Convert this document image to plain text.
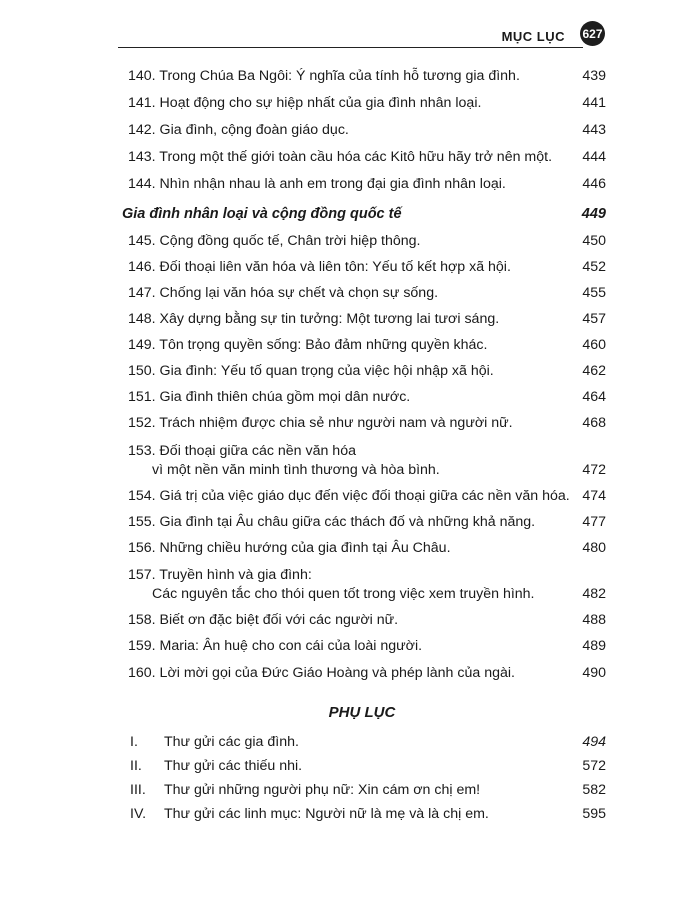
MỤC LỤC 627
140. Trong Chúa Ba Ngôi: Ý nghĩa của tính hỗ tương gia đình.	439
141. Hoạt động cho sự hiệp nhất của gia đình nhân loại.	441
142. Gia đình, cộng đoàn giáo dục.	443
143. Trong một thế giới toàn cầu hóa các Kitô hữu hãy trở nên một. 444
144. Nhìn nhận nhau là anh em trong đại gia đình nhân loại.	446
Gia đình nhân loại và cộng đồng quốc tế	449
145. Cộng đồng quốc tế, Chân trời hiệp thông.	450
146. Đối thoại liên văn hóa và liên tôn: Yếu tố kết hợp xã hội.	452
147. Chống lại văn hóa sự chết và chọn sự sống.	455
148. Xây dựng bằng sự tin tưởng: Một tương lai tươi sáng.	457
149. Tôn trọng quyền sống: Bảo đảm những quyền khác.	460
150. Gia đình: Yếu tố quan trọng của việc hội nhập xã hội.	462
151. Gia đình thiên chúa gồm mọi dân nước.	464
152. Trách nhiệm được chia sẻ như người nam và người nữ.	468
153. Đối thoại giữa các nền văn hóa
vì một nền văn minh tình thương và hòa bình.	472
154. Giá trị của việc giáo dục đến việc đối thoại giữa các nền văn hóa. 474
155. Gia đình tại Âu châu giữa các thách đố và những khả năng.	477
156. Những chiều hướng của gia đình tại Âu Châu.	480
157. Truyền hình và gia đình:
Các nguyên tắc cho thói quen tốt trong việc xem truyền hình.	482
158. Biết ơn đặc biệt đối với các người nữ.	488
159. Maria: Ân huệ cho con cái của loài người.	489
160. Lời mời gọi của Đức Giáo Hoàng và phép lành của ngài.	490
PHỤ LỤC
I. Thư gửi các gia đình.	494
II. Thư gửi các thiếu nhi.	572
III. Thư gửi những người phụ nữ: Xin cám ơn chị em!	582
IV. Thư gửi các linh mục: Người nữ là mẹ và là chị em.	595
